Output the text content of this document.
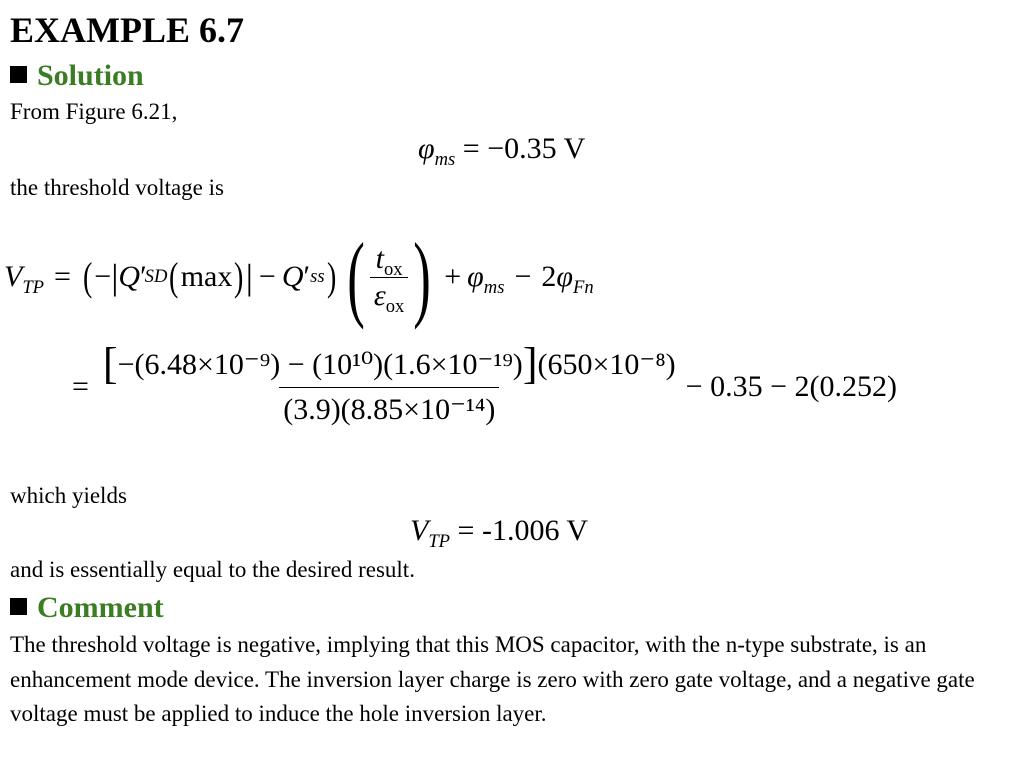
EXAMPLE 6.7
Solution
From Figure 6.21,
$\varphi_{ms} = -0.35$ V
the threshold voltage is
$V_{TP}$ = ( − | Q ′
SD ( max ) | − Q ′ ss ) ( $\frac{t_{ox}}{\varepsilon_{ox}}$ ) + $\varphi_{ms} - 2\varphi_{Fn}$
= $\frac{\text{[−(6.48×10⁻⁹) − (10¹⁰)(1.6×10⁻¹⁹)](650×10⁻⁸)}}{\text{(3.9)(8.85×10⁻¹⁴)}} - 0.35 - 2(0.252)$
which yields
$V_{TP} = -1.006$ V
and is essentially equal to the desired result.
Comment
The threshold voltage is negative, implying that this MOS capacitor, with the n-type substrate, is an enhancement mode device. The inversion layer charge is zero with zero gate voltage, and a negative gate voltage must be applied to induce the hole inversion layer.
